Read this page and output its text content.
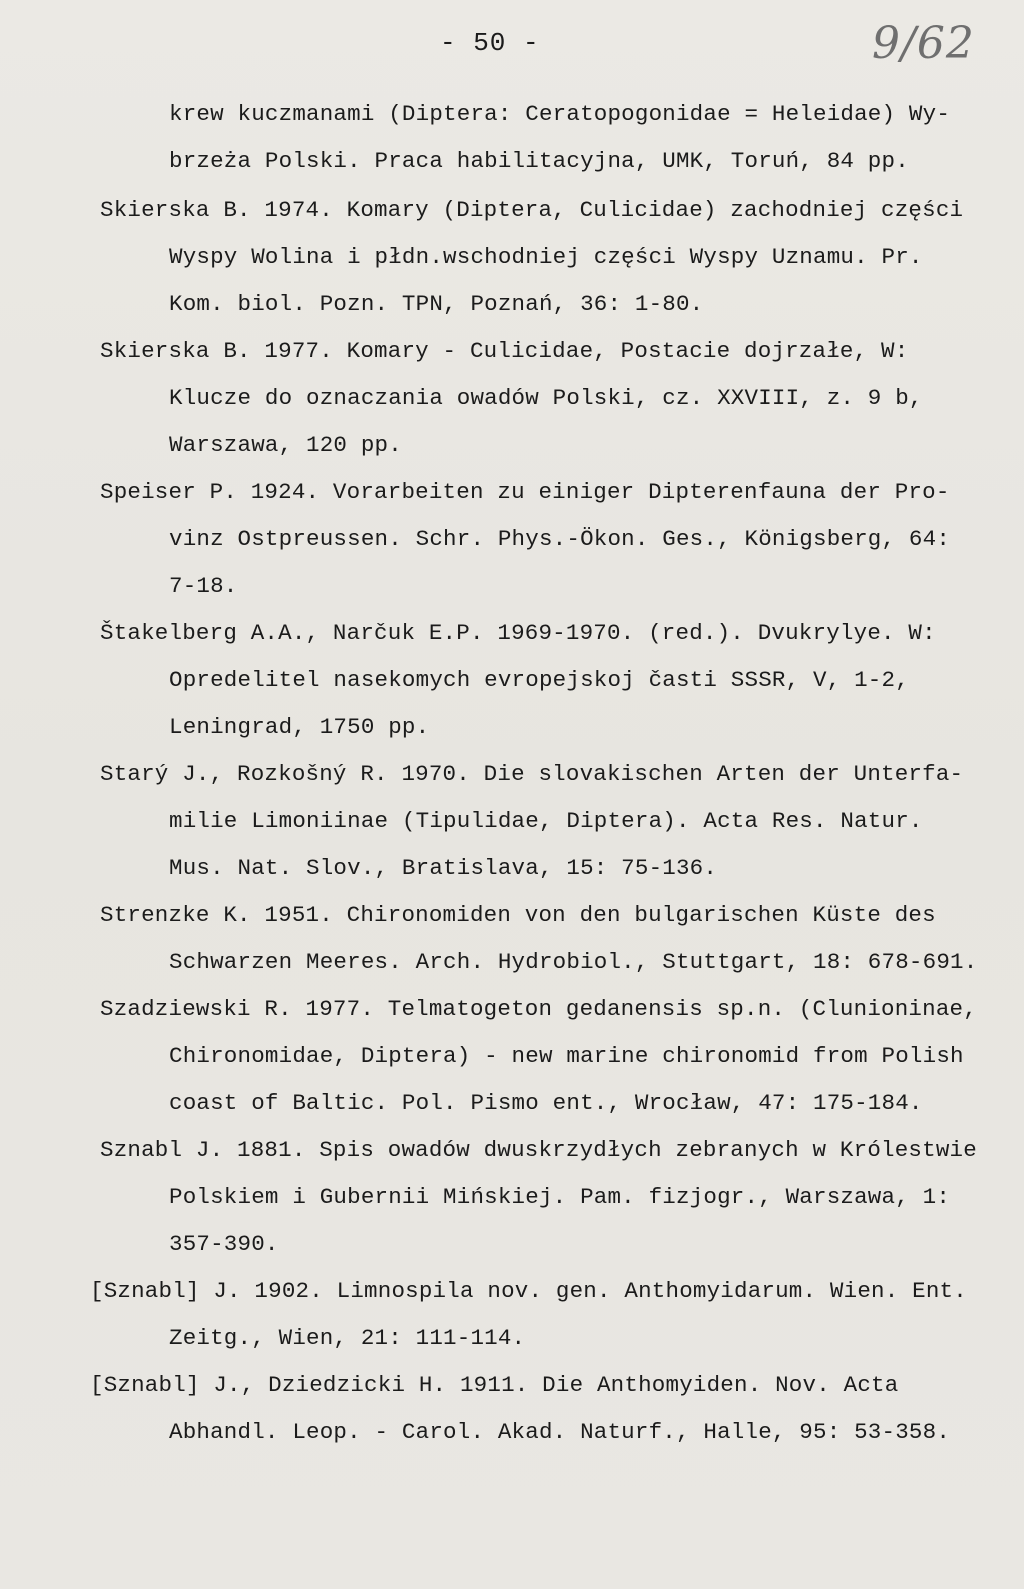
- 50 -	9/62
krew kuczmanami (Diptera: Ceratopogonidae = Heleidae) Wy-
brzeża Polski. Praca habilitacyjna, UMK, Toruń, 84 pp.
Skierska B. 1974. Komary (Diptera, Culicidae) zachodniej części
Wyspy Wolina i płdn.wschodniej części Wyspy Uznamu. Pr.
Kom. biol. Pozn. TPN, Poznań, 36: 1-80.
Skierska B. 1977. Komary - Culicidae, Postacie dojrzałe, W:
Klucze do oznaczania owadów Polski, cz. XXVIII, z. 9 b,
Warszawa, 120 pp.
Speiser P. 1924. Vorarbeiten zu einiger Dipterenfauna der Pro-
vinz Ostpreussen. Schr. Phys.-Ökon. Ges., Königsberg, 64:
7-18.
Štakelberg A.A., Narčuk E.P. 1969-1970. (red.). Dvukrylye. W:
Opredelitel nasekomych evropejskoj časti SSSR, V, 1-2,
Leningrad, 1750 pp.
Starý J., Rozkošný R. 1970. Die slovakischen Arten der Unterfa-
milie Limoniinae (Tipulidae, Diptera). Acta Res. Natur.
Mus. Nat. Slov., Bratislava, 15: 75-136.
Strenzke K. 1951. Chironomiden von den bulgarischen Küste des
Schwarzen Meeres. Arch. Hydrobiol., Stuttgart, 18: 678-691.
Szadziewski R. 1977. Telmatogeton gedanensis sp.n. (Clunioninae,
Chironomidae, Diptera) - new marine chironomid from Polish
coast of Baltic. Pol. Pismo ent., Wrocław, 47: 175-184.
Sznabl J. 1881. Spis owadów dwuskrzydłych zebranych w Królestwie
Polskiem i Gubernii Mińskiej. Pam. fizjogr., Warszawa, 1:
357-390.
[Sznabl] J. 1902. Limnospila nov. gen. Anthomyidarum. Wien. Ent.
Zeitg., Wien, 21: 111-114.
[Sznabl] J., Dziedzicki H. 1911. Die Anthomyiden. Nov. Acta
Abhandl. Leop. - Carol. Akad. Naturf., Halle, 95: 53-358.
